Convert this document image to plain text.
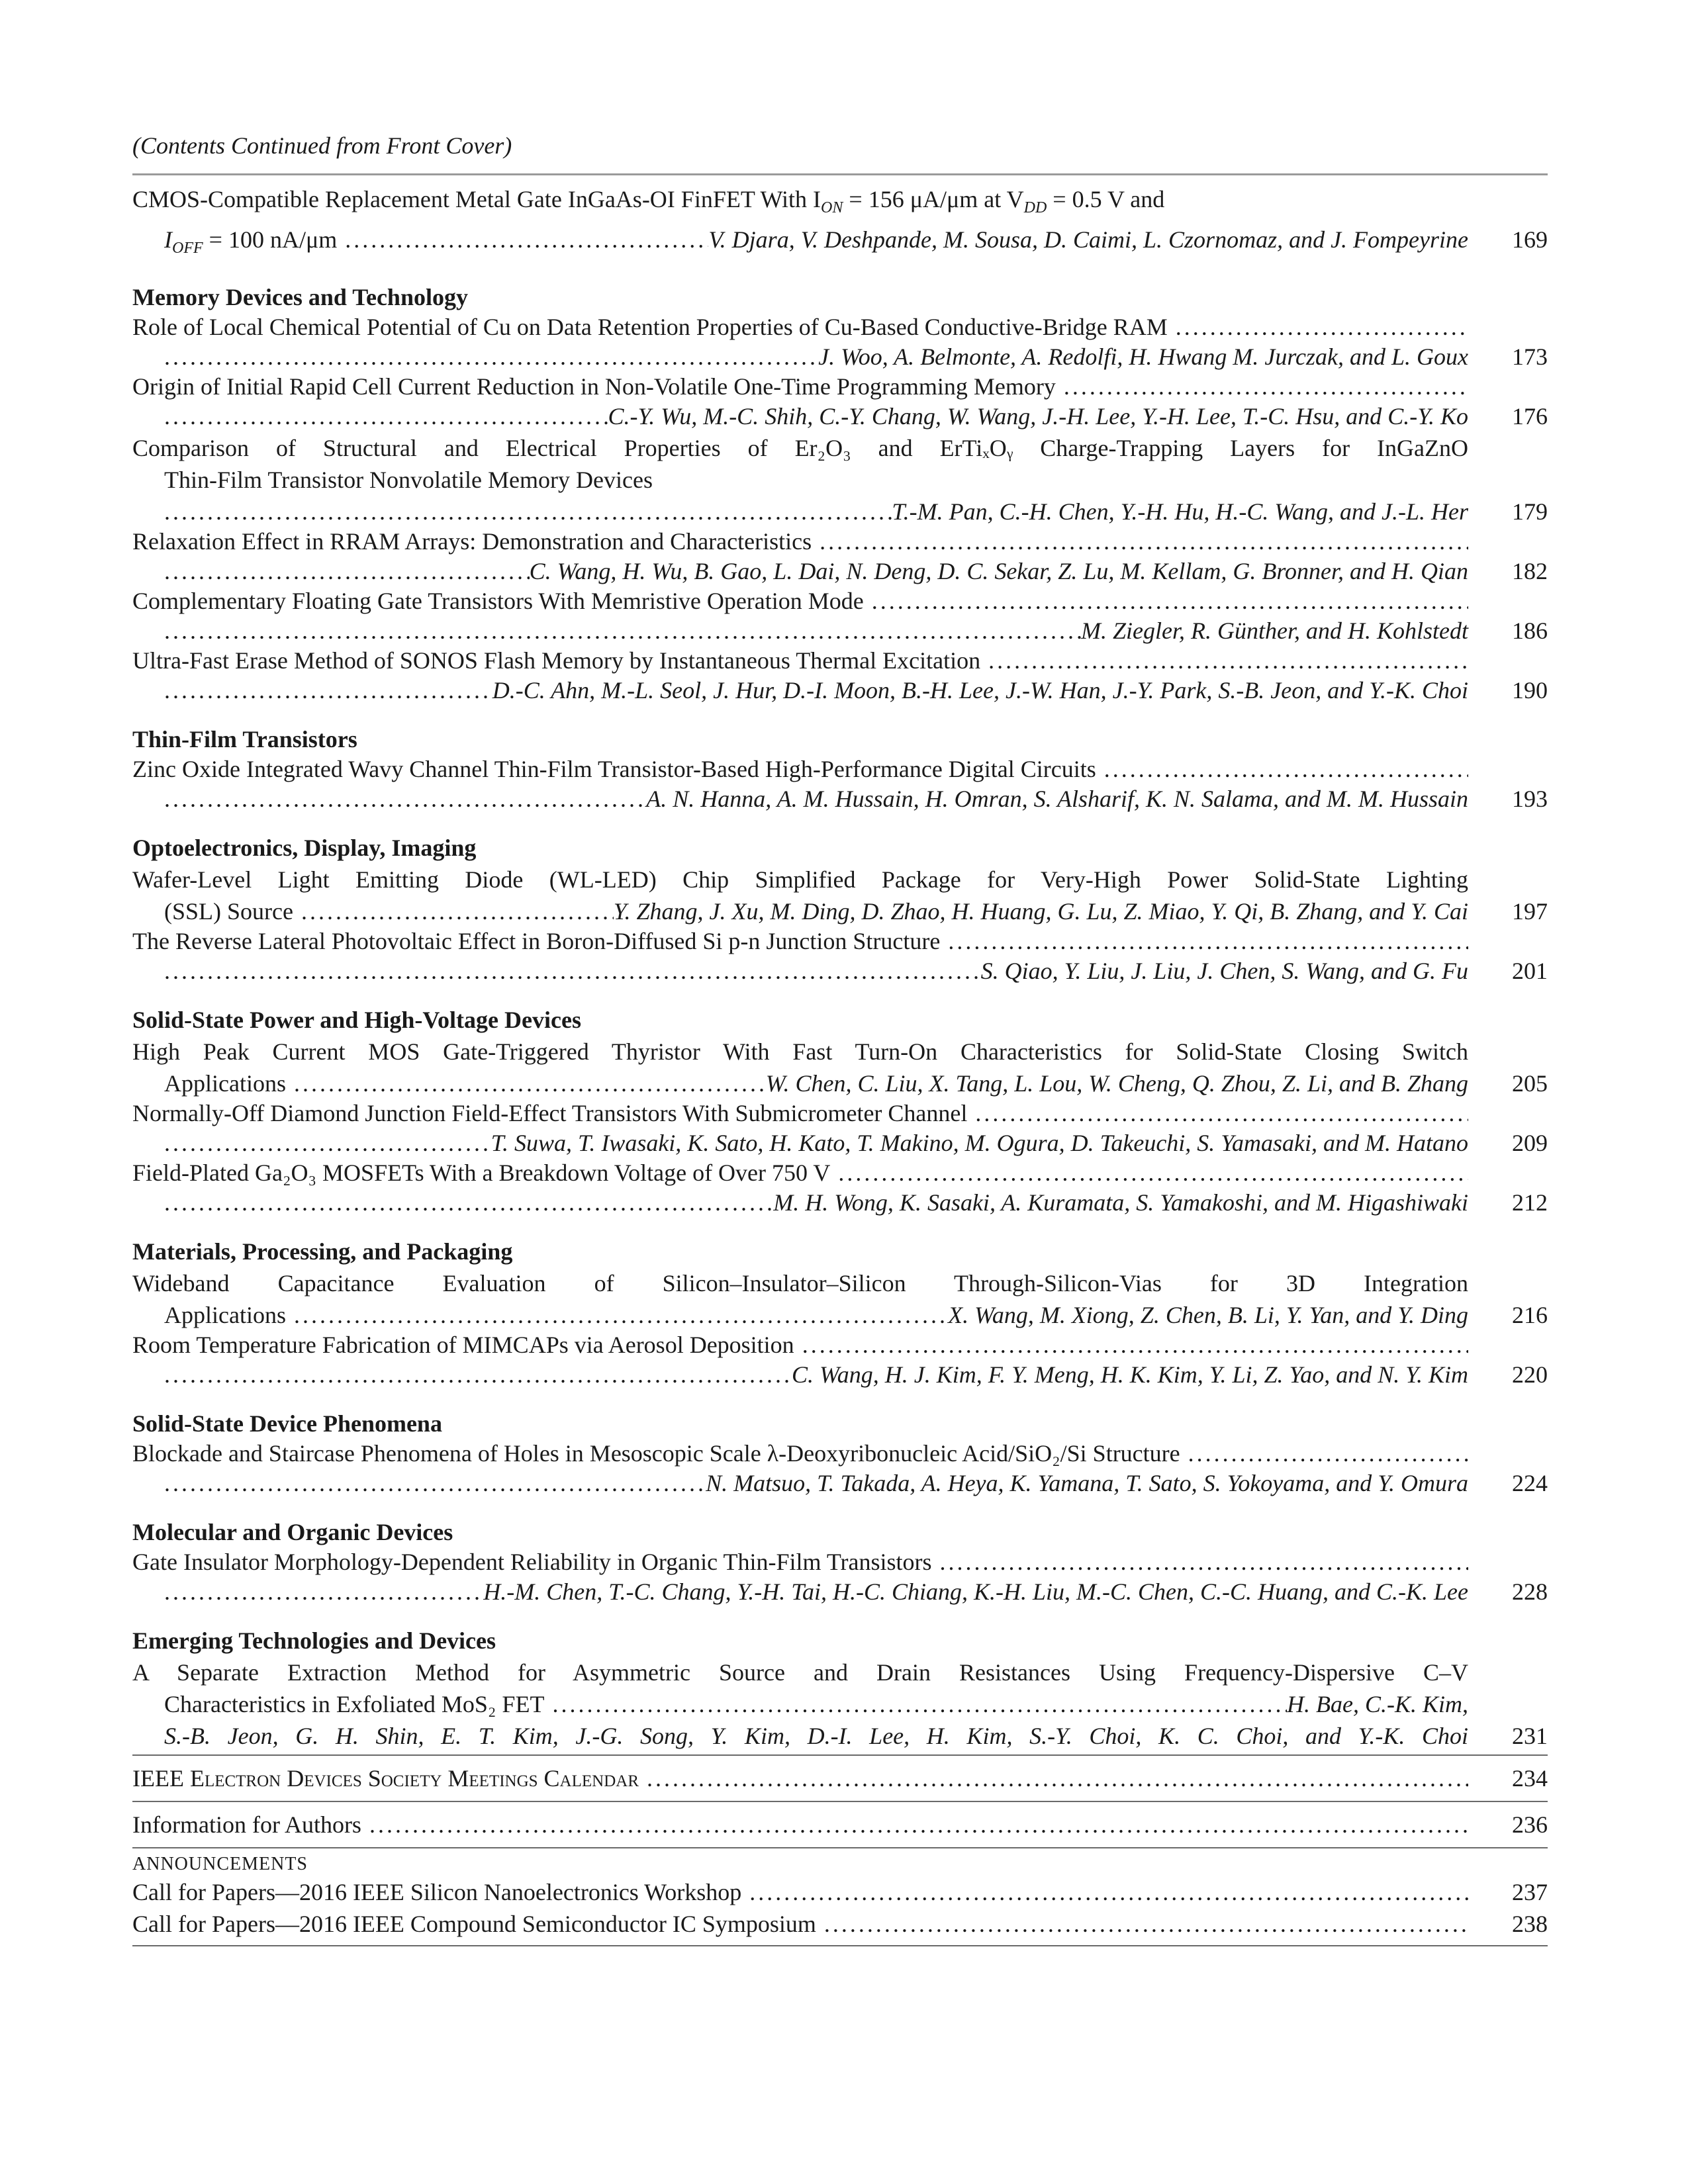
(Contents Continued from Front Cover)
CMOS-Compatible Replacement Metal Gate InGaAs-OI FinFET With $I_{ON} = 156$ μA/μm at $V_{DD} = 0.5$ V and
$I_{OFF} = 100$ nA/μm .....	V. Djara, V. Deshpande, M. Sousa, D. Caimi, L. Czornomaz, and J. Fompeyrine	169
Memory Devices and Technology
Role of Local Chemical Potential of Cu on Data Retention Properties of Cu-Based Conductive-Bridge RAM
.....
.....
J. Woo, A. Belmonte, A. Redolfi, H. Hwang M. Jurczak, and L. Goux	173
Origin of Initial Rapid Cell Current Reduction in Non-Volatile One-Time Programming Memory
.....
.....
C.-Y. Wu, M.-C. Shih, C.-Y. Chang, W. Wang, J.-H. Lee, Y.-H. Lee, T.-C. Hsu, and C.-Y. Ko	176
Comparison of Structural and Electrical Properties of Er₂O₃ and ErTiₓOᵧ Charge-Trapping Layers for InGaZnO
Thin-Film Transistor Nonvolatile Memory Devices
.....
T.-M. Pan, C.-H. Chen, Y.-H. Hu, H.-C. Wang, and J.-L. Her	179
Relaxation Effect in RRAM Arrays: Demonstration and Characteristics
.....
.....
C. Wang, H. Wu, B. Gao, L. Dai, N. Deng, D. C. Sekar, Z. Lu, M. Kellam, G. Bronner, and H. Qian	182
Complementary Floating Gate Transistors With Memristive Operation Mode
.....
.....
M. Ziegler, R. Günther, and H. Kohlstedt	186
Ultra-Fast Erase Method of SONOS Flash Memory by Instantaneous Thermal Excitation
.....
.....
D.-C. Ahn, M.-L. Seol, J. Hur, D.-I. Moon, B.-H. Lee, J.-W. Han, J.-Y. Park, S.-B. Jeon, and Y.-K. Choi	190
Thin-Film Transistors
Zinc Oxide Integrated Wavy Channel Thin-Film Transistor-Based High-Performance Digital Circuits
.....
.....
A. N. Hanna, A. M. Hussain, H. Omran, S. Alsharif, K. N. Salama, and M. M. Hussain	193
Optoelectronics, Display, Imaging
Wafer-Level Light Emitting Diode (WL-LED) Chip Simplified Package for Very-High Power Solid-State Lighting
(SSL) Source .....	Y. Zhang, J. Xu, M. Ding, D. Zhao, H. Huang, G. Lu, Z. Miao, Y. Qi, B. Zhang, and Y. Cai	197
The Reverse Lateral Photovoltaic Effect in Boron-Diffused Si p-n Junction Structure
.....
.....
S. Qiao, Y. Liu, J. Liu, J. Chen, S. Wang, and G. Fu	201
Solid-State Power and High-Voltage Devices
High Peak Current MOS Gate-Triggered Thyristor With Fast Turn-On Characteristics for Solid-State Closing Switch
Applications .....	W. Chen, C. Liu, X. Tang, L. Lou, W. Cheng, Q. Zhou, Z. Li, and B. Zhang	205
Normally-Off Diamond Junction Field-Effect Transistors With Submicrometer Channel
.....
.....
T. Suwa, T. Iwasaki, K. Sato, H. Kato, T. Makino, M. Ogura, D. Takeuchi, S. Yamasaki, and M. Hatano	209
Field-Plated Ga₂O₃ MOSFETs With a Breakdown Voltage of Over 750 V
.....
.....
M. H. Wong, K. Sasaki, A. Kuramata, S. Yamakoshi, and M. Higashiwaki	212
Materials, Processing, and Packaging
Wideband Capacitance Evaluation of Silicon–Insulator–Silicon Through-Silicon-Vias for 3D Integration
Applications .....	X. Wang, M. Xiong, Z. Chen, B. Li, Y. Yan, and Y. Ding	216
Room Temperature Fabrication of MIMCAPs via Aerosol Deposition
.....
.....
C. Wang, H. J. Kim, F. Y. Meng, H. K. Kim, Y. Li, Z. Yao, and N. Y. Kim	220
Solid-State Device Phenomena
Blockade and Staircase Phenomena of Holes in Mesoscopic Scale λ-Deoxyribonucleic Acid/SiO₂/Si Structure
.....
.....
N. Matsuo, T. Takada, A. Heya, K. Yamana, T. Sato, S. Yokoyama, and Y. Omura	224
Molecular and Organic Devices
Gate Insulator Morphology-Dependent Reliability in Organic Thin-Film Transistors
.....
.....
H.-M. Chen, T.-C. Chang, Y.-H. Tai, H.-C. Chiang, K.-H. Liu, M.-C. Chen, C.-C. Huang, and C.-K. Lee	228
Emerging Technologies and Devices
A Separate Extraction Method for Asymmetric Source and Drain Resistances Using Frequency-Dispersive C–V
Characteristics in Exfoliated MoS₂ FET .....	H. Bae, C.-K. Kim,
S.-B. Jeon, G. H. Shin, E. T. Kim, J.-G. Song, Y. Kim, D.-I. Lee, H. Kim, S.-Y. Choi, K. C. Choi, and Y.-K. Choi	231
IEEE Electron Devices Society Meetings Calendar .....	234
Information for Authors .....	236
ANNOUNCEMENTS
Call for Papers—2016 IEEE Silicon Nanoelectronics Workshop .....	237
Call for Papers—2016 IEEE Compound Semiconductor IC Symposium .....	238
